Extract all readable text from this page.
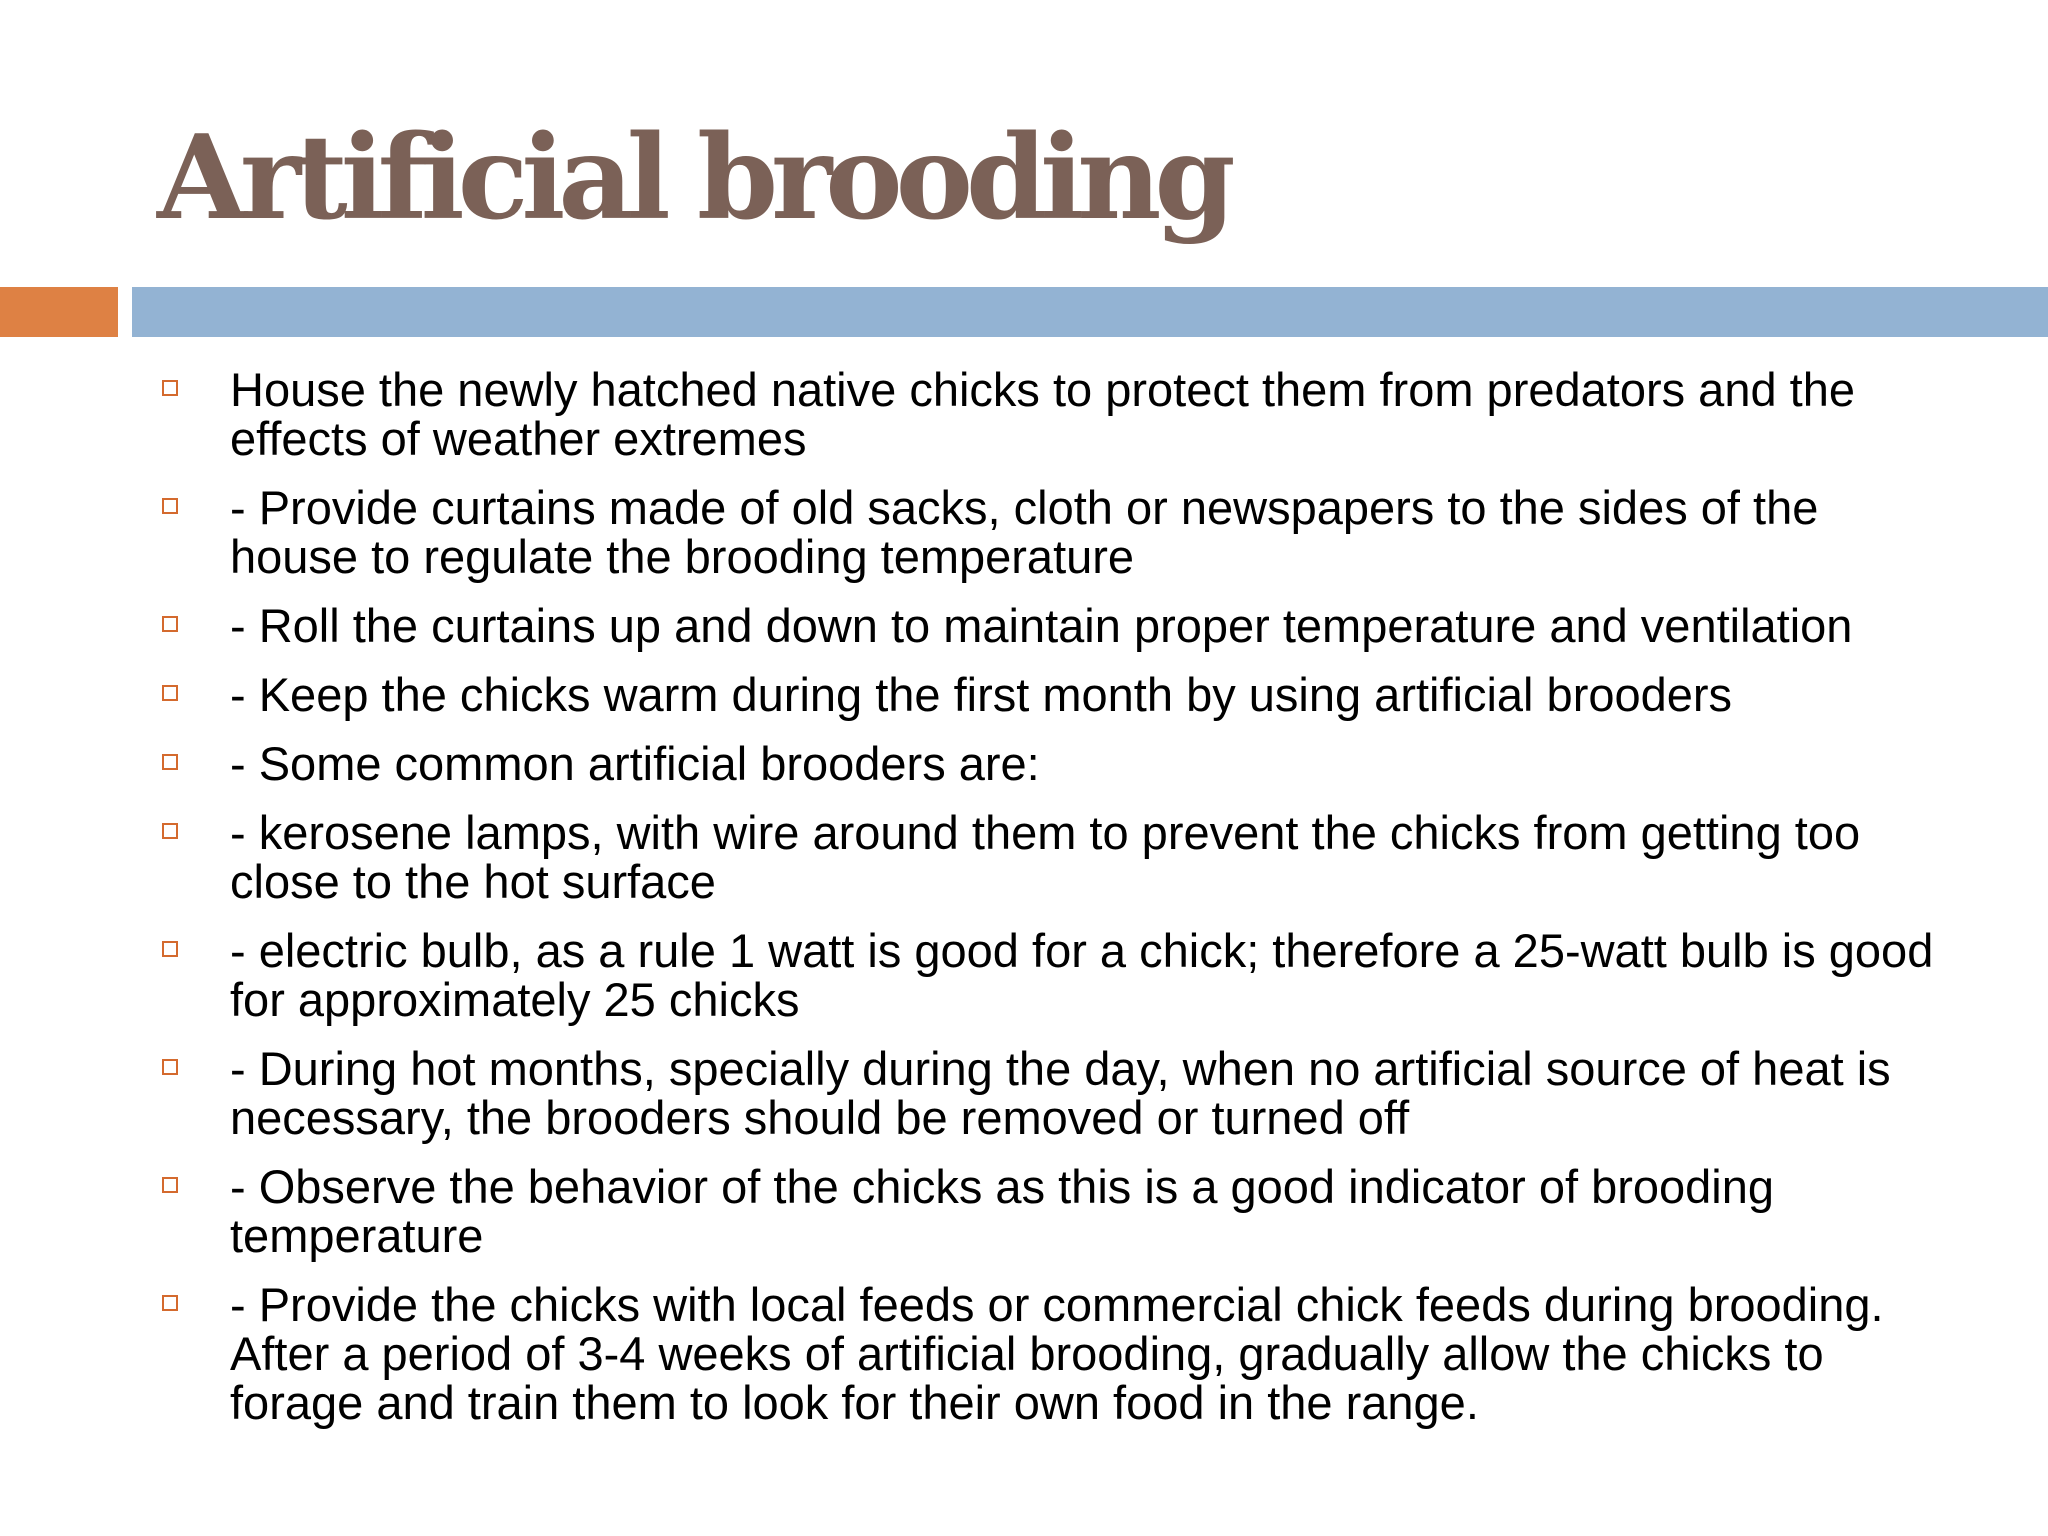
Artificial brooding
House the newly hatched native chicks to protect them from predators and the effects of weather extremes
- Provide curtains made of old sacks, cloth or newspapers to the sides of the house to regulate the brooding temperature
- Roll the curtains up and down to maintain proper temperature and ventilation
- Keep the chicks warm during the first month by using artificial brooders
- Some common artificial brooders are:
- kerosene lamps, with wire around them to prevent the chicks from getting too close to the hot surface
- electric bulb, as a rule 1 watt is good for a chick; therefore a 25-watt bulb is good for approximately 25 chicks
- During hot months, specially during the day, when no artificial source of heat is necessary, the brooders should be removed or turned off
- Observe the behavior of the chicks as this is a good indicator of brooding temperature
- Provide the chicks with local feeds or commercial chick feeds during brooding. After a period of 3-4 weeks of artificial brooding, gradually allow the chicks to forage and train them to look for their own food in the range.
